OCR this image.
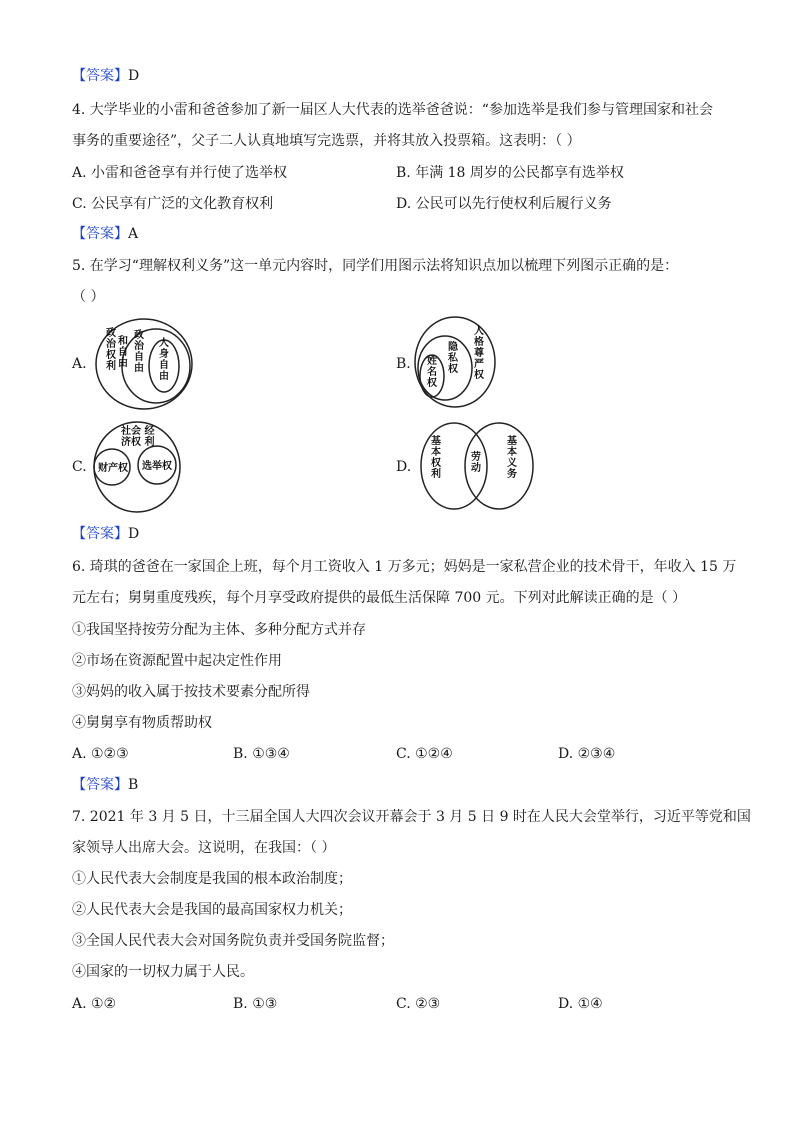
【答案】D
4. 大学毕业的小雷和爸爸参加了新一届区人大代表的选举爸爸说：“参加选举是我们参与管理国家和社会
事务的重要途径”，父子二人认真地填写完选票，并将其放入投票箱。这表明：（ ）
A. 小雷和爸爸享有并行使了选举权	B. 年满 18 周岁的公民都享有选举权
C. 公民享有广泛的文化教育权利	D. 公民可以先行使权利后履行义务
【答案】A
5. 在学习“理解权利义务”这一单元内容时，同学们用图示法将知识点加以梳理下列图示正确的是：
（ ）
A.
政治权利
和自由
政治自由
人身自由
B.
人格尊严权
隐私权
姓名权
C.
社会 经
济权 利
财产权 选举权	D.
基本权利
劳动
基本义务
【答案】D
6. 琦琪的爸爸在一家国企上班，每个月工资收入 1 万多元；妈妈是一家私营企业的技术骨干，年收入 15 万
元左右；舅舅重度残疾，每个月享受政府提供的最低生活保障 700 元。下列对此解读正确的是（ ）
①我国坚持按劳分配为主体、多种分配方式并存
②市场在资源配置中起决定性作用
③妈妈的收入属于按技术要素分配所得
④舅舅享有物质帮助权
A. ①②③	B. ①③④	C. ①②④	D. ②③④
【答案】B
7. 2021 年 3 月 5 日，十三届全国人大四次会议开幕会于 3 月 5 日 9 时在人民大会堂举行，习近平等党和国
家领导人出席大会。这说明，在我国：（ ）
①人民代表大会制度是我国的根本政治制度；
②人民代表大会是我国的最高国家权力机关；
③全国人民代表大会对国务院负责并受国务院监督；
④国家的一切权力属于人民。
A. ①②	B. ①③	C. ②③	D. ①④
